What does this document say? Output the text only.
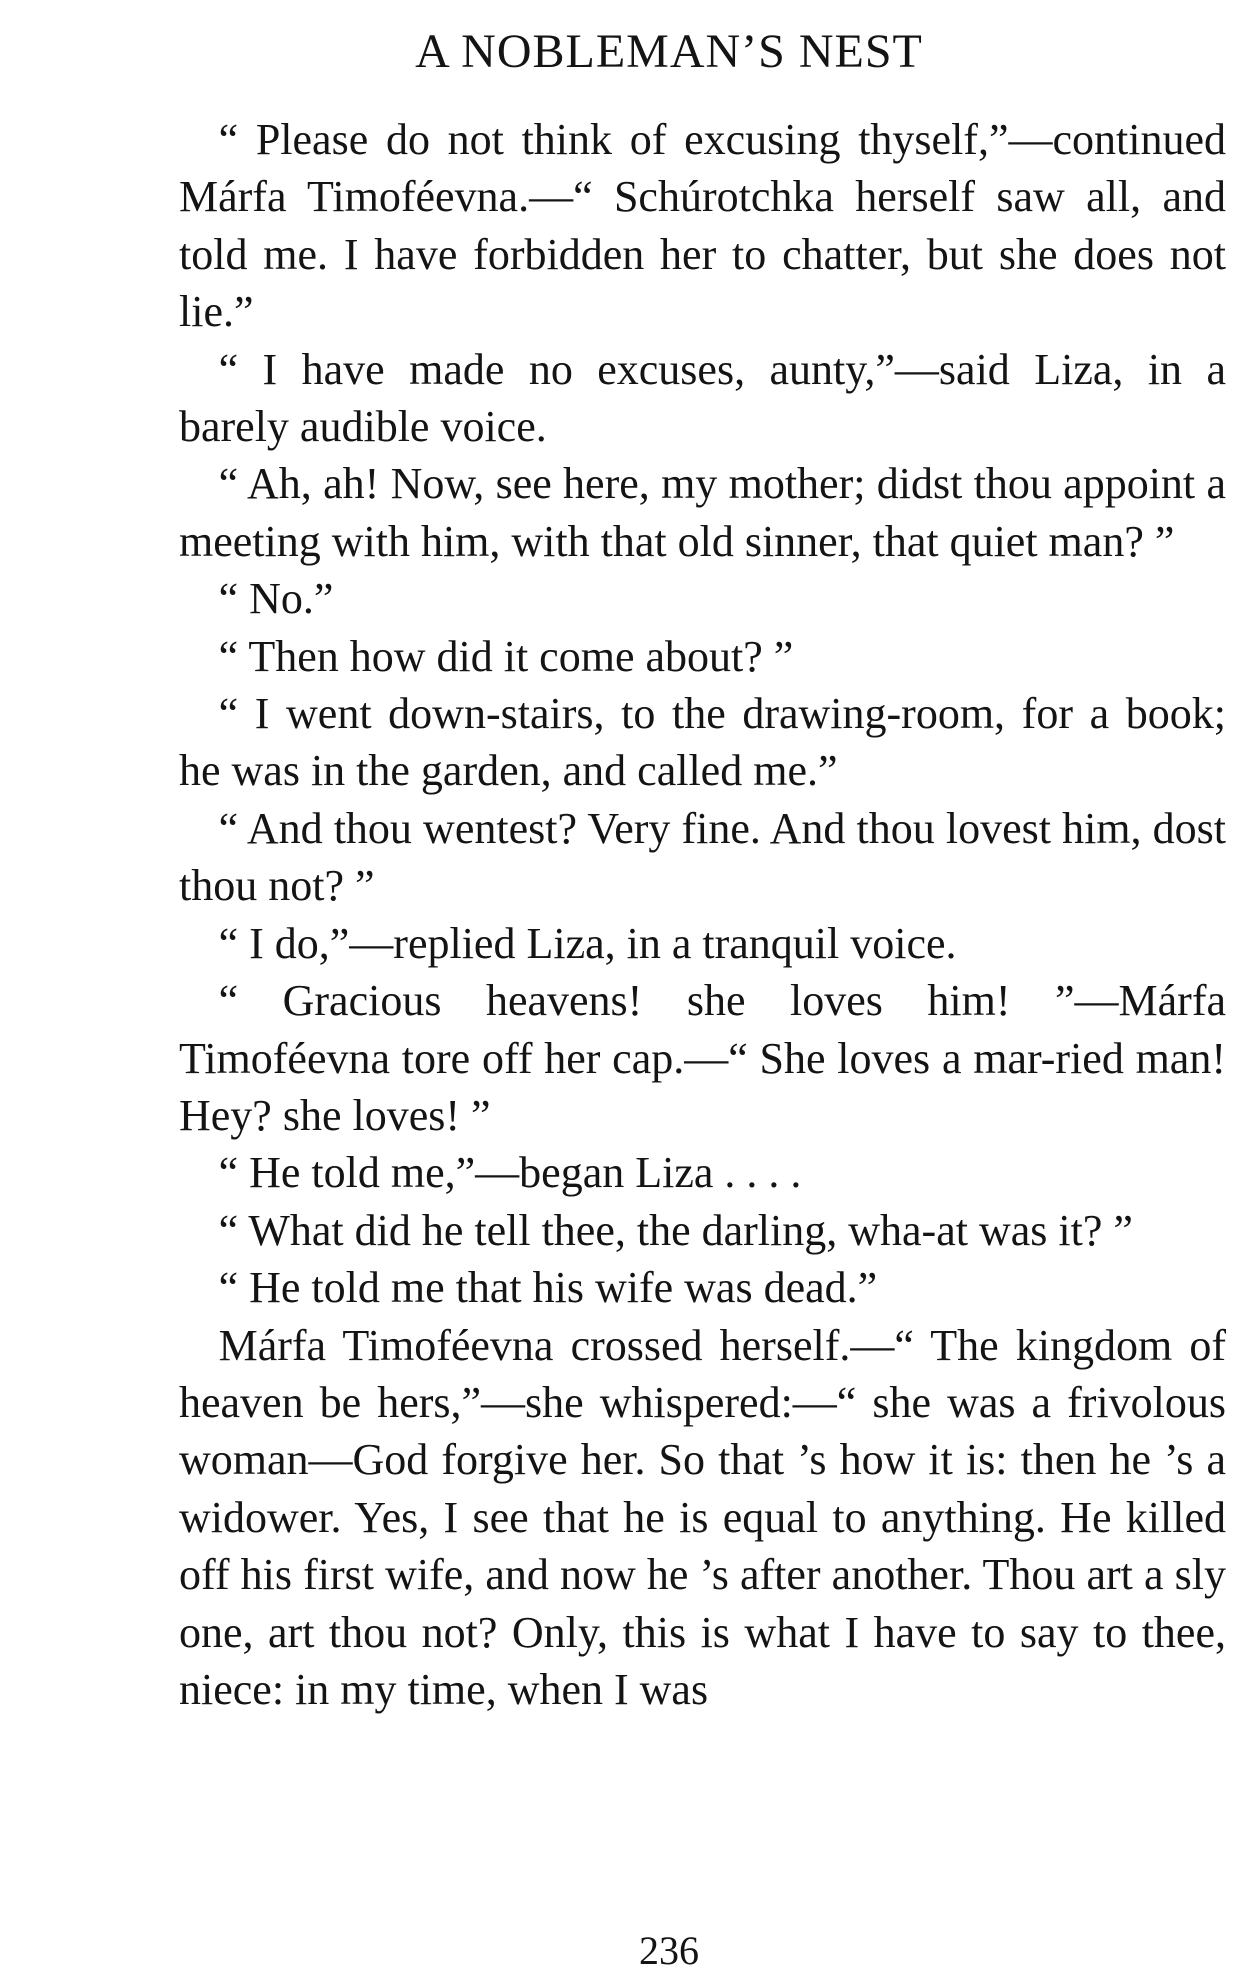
A NOBLEMAN’S NEST

“ Please do not think of excusing thyself,”—continued Márfa Timoféevna.—“ Schúrotchka herself saw all, and told me. I have forbidden her to chatter, but she does not lie.”

“ I have made no excuses, aunty,”—said Liza, in a barely audible voice.

“ Ah, ah! Now, see here, my mother; didst thou appoint a meeting with him, with that old sinner, that quiet man? ”

“ No.”

“ Then how did it come about? ”

“ I went down-stairs, to the drawing-room, for a book; he was in the garden, and called me.”

“ And thou wentest? Very fine. And thou lovest him, dost thou not? ”

“ I do,”—replied Liza, in a tranquil voice.

“ Gracious heavens! she loves him! ”—Márfa Timoféevna tore off her cap.—“ She loves a mar-ried man! Hey? she loves! ”

“ He told me,”—began Liza . . . .

“ What did he tell thee, the darling, wha-at was it? ”

“ He told me that his wife was dead.”

Márfa Timoféevna crossed herself.—“ The kingdom of heaven be hers,”—she whispered:—“ she was a frivolous woman—God forgive her. So that ’s how it is: then he ’s a widower. Yes, I see that he is equal to anything. He killed off his first wife, and now he ’s after another. Thou art a sly one, art thou not? Only, this is what I have to say to thee, niece: in my time, when I was

236
